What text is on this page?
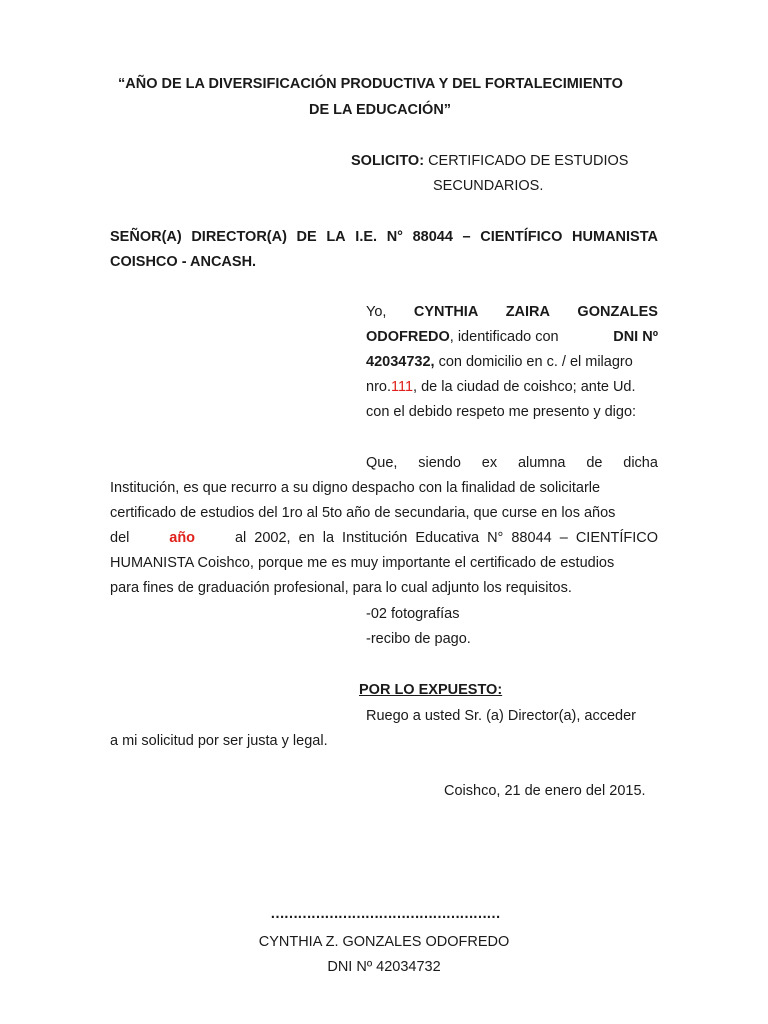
“AÑO DE LA DIVERSIFICACIÓN PRODUCTIVA Y DEL FORTALECIMIENTO
DE LA EDUCACIÓN”
SOLICITO: CERTIFICADO DE ESTUDIOS
SECUNDARIOS.
SEÑOR(A) DIRECTOR(A) DE LA I.E. N° 88044 – CIENTÍFICO HUMANISTA
COISHCO - ANCASH.
Yo, CYNTHIA ZAIRA GONZALES
ODOFREDO, identificado con	DNI Nº
42034732, con domicilio en c. / el milagro
nro.111, de la ciudad de coishco; ante Ud.
con el debido respeto me presento y digo:
Que, siendo ex alumna de dicha
Institución, es que recurro a su digno despacho con la finalidad de solicitarle
certificado de estudios del 1ro al 5to año de secundaria, que curse en los años
del	año	al 2002, en la Institución Educativa N° 88044 – CIENTÍFICO
HUMANISTA Coishco, porque me es muy importante el certificado de estudios
para fines de graduación profesional, para lo cual adjunto los requisitos.
-02 fotografías
-recibo de pago.
POR LO EXPUESTO:
Ruego a usted Sr. (a) Director(a), acceder
a mi solicitud por ser justa y legal.
Coishco, 21 de enero del 2015.
……………………………………………
CYNTHIA Z. GONZALES ODOFREDO
DNI Nº 42034732
